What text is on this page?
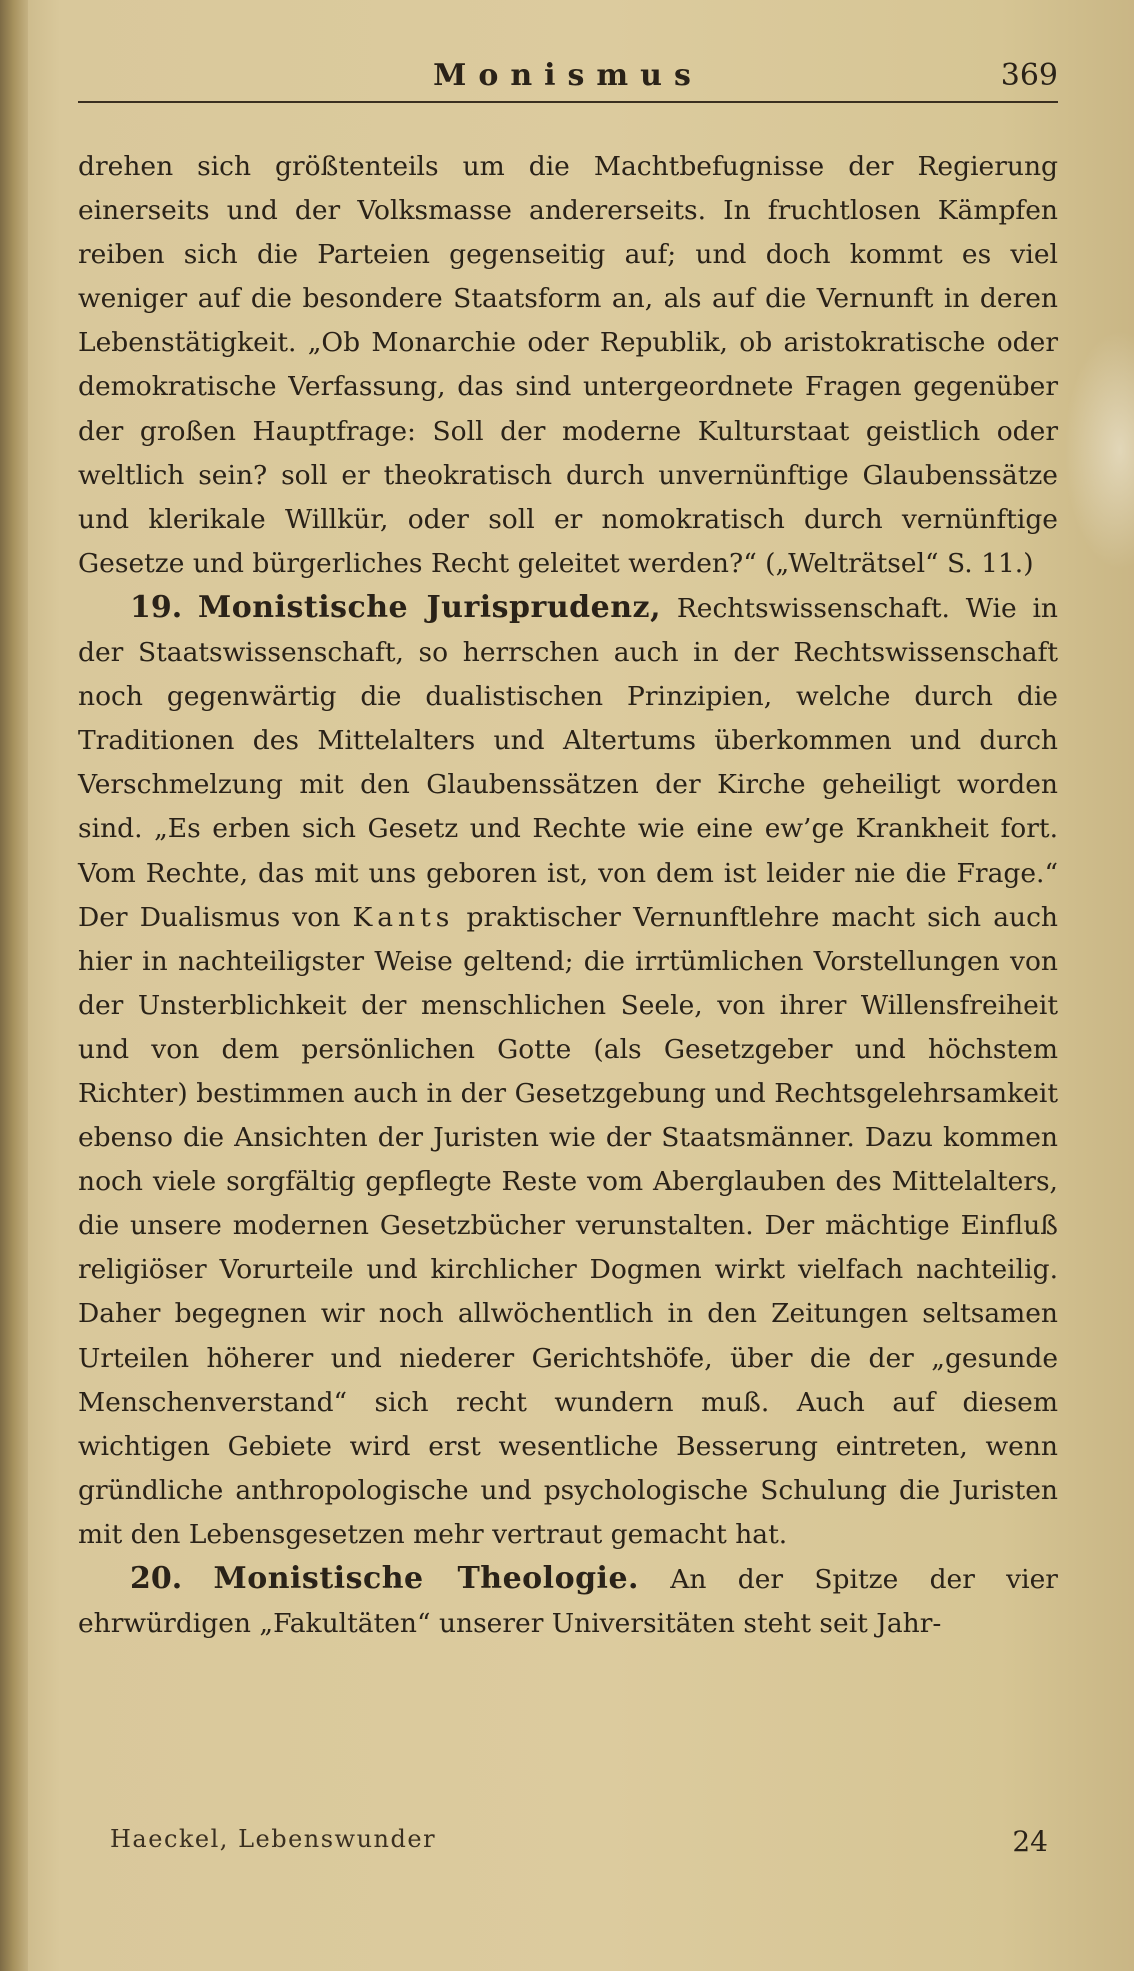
Monismus	369

drehen sich größtenteils um die Machtbefugnisse der Regierung einerseits und der Volksmasse andererseits. In fruchtlosen Kämpfen reiben sich die Parteien gegenseitig auf; und doch kommt es viel weniger auf die besondere Staatsform an, als auf die Vernunft in deren Lebenstätigkeit. „Ob Monarchie oder Republik, ob aristokratische oder demokratische Verfassung, das sind untergeordnete Fragen gegenüber der großen Hauptfrage: Soll der moderne Kulturstaat geistlich oder weltlich sein? soll er theokratisch durch unvernünftige Glaubenssätze und klerikale Willkür, oder soll er nomokratisch durch vernünftige Gesetze und bürgerliches Recht geleitet werden?“ („Welträtsel“ S. 11.)

19. Monistische Jurisprudenz, Rechtswissenschaft. Wie in der Staatswissenschaft, so herrschen auch in der Rechtswissenschaft noch gegenwärtig die dualistischen Prinzipien, welche durch die Traditionen des Mittelalters und Altertums überkommen und durch Verschmelzung mit den Glaubenssätzen der Kirche geheiligt worden sind. „Es erben sich Gesetz und Rechte wie eine ew’ge Krankheit fort. Vom Rechte, das mit uns geboren ist, von dem ist leider nie die Frage.“ Der Dualismus von Kants praktischer Vernunftlehre macht sich auch hier in nachteiligster Weise geltend; die irrtümlichen Vorstellungen von der Unsterblichkeit der menschlichen Seele, von ihrer Willensfreiheit und von dem persönlichen Gotte (als Gesetzgeber und höchstem Richter) bestimmen auch in der Gesetzgebung und Rechtsgelehrsamkeit ebenso die Ansichten der Juristen wie der Staatsmänner. Dazu kommen noch viele sorgfältig gepflegte Reste vom Aberglauben des Mittelalters, die unsere modernen Gesetzbücher verunstalten. Der mächtige Einfluß religiöser Vorurteile und kirchlicher Dogmen wirkt vielfach nachteilig. Daher begegnen wir noch allwöchentlich in den Zeitungen seltsamen Urteilen höherer und niederer Gerichtshöfe, über die der „gesunde Menschenverstand“ sich recht wundern muß. Auch auf diesem wichtigen Gebiete wird erst wesentliche Besserung eintreten, wenn gründliche anthropologische und psychologische Schulung die Juristen mit den Lebensgesetzen mehr vertraut gemacht hat.

20. Monistische Theologie. An der Spitze der vier ehrwürdigen „Fakultäten“ unserer Universitäten steht seit Jahr-

Haeckel, Lebenswunder	24
